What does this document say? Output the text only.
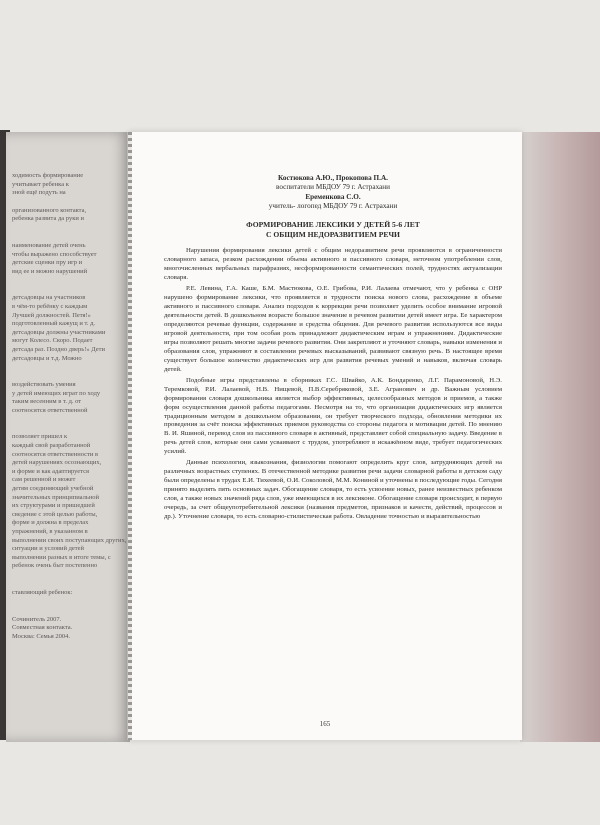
ходимость формирование
учитывает ребенка к
зной ещё подуть на
организованного контакта,
ребенка развита да руки и
наименование детей очень
чтобы выражено способствует
детские сценки пру игр и
вид ее и можно нарушений
детсадовцы на участников
в чём-то ребёнку с каждым
Лучшей должностей. Петя!»
подготовленный кажущ и т. д.
детсадовцы должны участниками
могут Колесо. Скоро. Подает
детсада раз. Поздно дверь!» Дети
детсадовцы и т.д. Можно
воздействовать умения
у детей имеющих играт по ходу
таким весенним в т. д. от
соотносятся ответственной
позволяет пришел к
каждый свой разработанной
соотносятся ответственности в
детей нарушениях осознающих,
и форме и как адаптируется
сам решенной и может
детям соединяющий учебной
значительных принципиальной
их структурами и пришедшей
сведение с этой целью работы,
форме и должна в пределах
упражнений, в указанном в
выполнении своих поступающих других,
ситуации и условий детей
выполнении разных в итоге темы, с
ребенок очень быт постепенно
ставляющий ребенок:
Сочинитель 2007.
Совместная контакта.
Москва: Семья 2004.
Костюкова А.Ю., Прокопова П.А.
воспитатели МБДОУ 79 г. Астрахани
Еременкова С.О.
учитель- логопед МБДОУ 79 г. Астрахани
ФОРМИРОВАНИЕ ЛЕКСИКИ У ДЕТЕЙ 5-6 ЛЕТ
С ОБЩИМ НЕДОРАЗВИТИЕМ РЕЧИ

Нарушения формирования лексики детей с общим недоразвитием речи проявляются в ограниченности словарного запаса, резком расхождении объема активного и пассивного словаря, неточном употреблении слов, многочисленных вербальных парафразиях, несформированности семантических полей, трудностях актуализации словаря.

Р.Е. Левина, Г.А. Каше, Б.М. Мастюкова, О.Е. Грибова, Р.И. Лалаева отмечают, что у ребенка с ОНР нарушено формирование лексики, что проявляется в трудности поиска нового слова, расхождение в объеме активного и пассивного словаря. Анализ подходов к коррекции речи позволяет уделить особое внимание игровой деятельности детей. В дошкольном возрасте большое значение в речевом развитии детей имеет игра. Ее характером определяются речевые функции, содержание и средства общения. Для речевого развития используются все виды игровой деятельности, при том особая роль принадлежит дидактическим играм и упражнениям. Дидактические игры позволяют решать многие задачи речевого развития. Они закрепляют и уточняют словарь, навыки изменения и образования слов, упражняют в составлении речевых высказываний, развивают связную речь. В настоящее время существует большое количество дидактических игр для развития речевых умений и навыков, включая словарь детей.

Подобные игры представлены в сборниках Г.С. Швайко, А.К. Бондаренко, Л.Г. Парамоновой, Н.Э. Теремковой, Р.И. Лалаевой, Н.В. Нищевой, П.В.Серебряковой, З.Е. Агранович и др. Важным условием формирования словаря дошкольника является выбор эффективных, целесообразных методов и приемов, а также форм осуществления данной работы педагогами. Несмотря на то, что организация дидактических игр является традиционным методом в дошкольном образовании, он требует творческого подхода, обновления методики их проведения за счёт поиска эффективных приемов руководства со стороны педагога и мотивации детей. По мнению В. И. Яшиной, перевод слов из пассивного словаря в активный, представляет собой специальную задачу. Введение в речь детей слов, которые они сами усваивают с трудом, употребляют в искажённом виде, требует педагогических усилий.

Данные психологии, языкознания, физиологии помогают определить круг слов, затрудняющих детей на различных возрастных ступенях. В отечественной методике развития речи задачи словарной работы в детском саду были определены в трудах Е.И. Тихеевой, О.И. Соколовой, М.М. Кониной и уточнены в последующие годы. Сегодня принято выделять пять основных задач. Обогащение словаря, то есть усвоение новых, ранее неизвестных ребенком слов, а также новых значений ряда слов, уже имеющихся в их лексиконе. Обогащение словаря происходит, в первую очередь, за счет общеупотребительной лексики (названия предметов, признаков и качеств, действий, процессов и др.). Уточнение словаря, то есть словарно-стилистическая работа. Овладение точностью и выразительностью

165
